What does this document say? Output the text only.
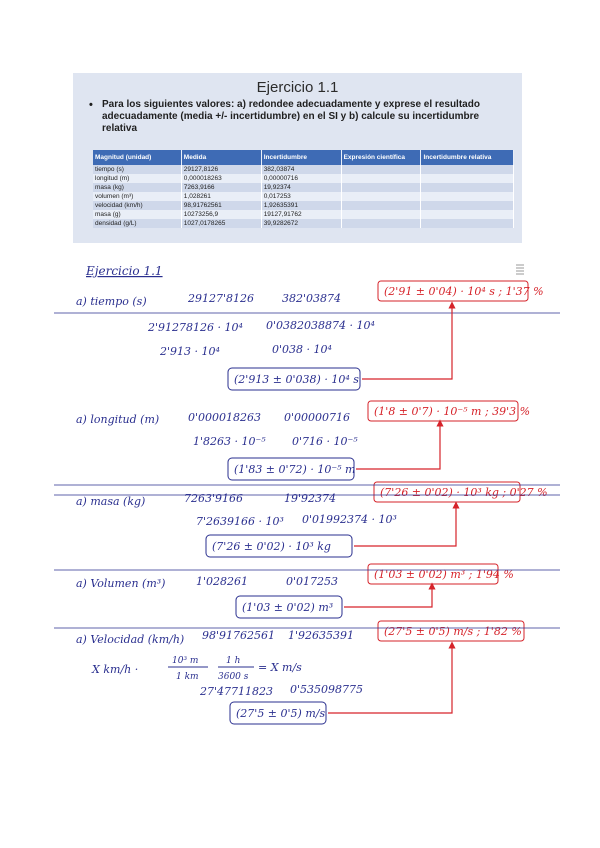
Ejercicio 1.1
• Para los siguientes valores: a) redondee adecuadamente y exprese el resultado adecuadamente (media +/- incertidumbre) en el SI y b) calcule su incertidumbre relativa
Magnitud (unidad)	Medida	Incertidumbre	Expresión científica	Incertidumbre relativa
tiempo (s)	29127,8126	382,03874		
longitud (m)	0,000018263	0,00000716		
masa (kg)	7263,9166	19,92374		
volumen (m³)	1,028261	0,017253		
velocidad (km/h)	98,91762561	1,92635391		
masa (g)	10273256,9	19127,91762		
densidad (g/L)	1027,0178265	39,9282672		
Ejercicio 1.1
a) tiempo (s)	29127'8126	382'03874
2'91278126 · 10⁴ 0'0382038874 · 10⁴
2'913 · 10⁴	0'038 · 10⁴
(2'913 ± 0'038) · 10⁴ s
a) longitud (m)	0'000018263 0'00000716
1'8263 · 10⁻⁵ 0'716 · 10⁻⁵
(1'83 ± 0'72) · 10⁻⁵ m
a) masa (kg)	7263'9166	19'92374
7'2639166 · 10³ 0'01992374 · 10³
(7'26 ± 0'02) · 10³ kg
a) Volumen (m³)	1'028261	0'017253
(1'03 ± 0'02) m³
a) Velocidad (km/h) 98'91762561 1'92635391
X km/h ·
10³ m
1 km
1 h
3600 s
= X m/s
27'47711823 0'535098775
(27'5 ± 0'5) m/s
(2'91 ± 0'04) · 10⁴ s ; 1'37 %
(1'8 ± 0'7) · 10⁻⁵ m ; 39'3 %
(7'26 ± 0'02) · 10³ kg ; 0'27 %
(1'03 ± 0'02) m³ ; 1'94 %
(27'5 ± 0'5) m/s ; 1'82 %
